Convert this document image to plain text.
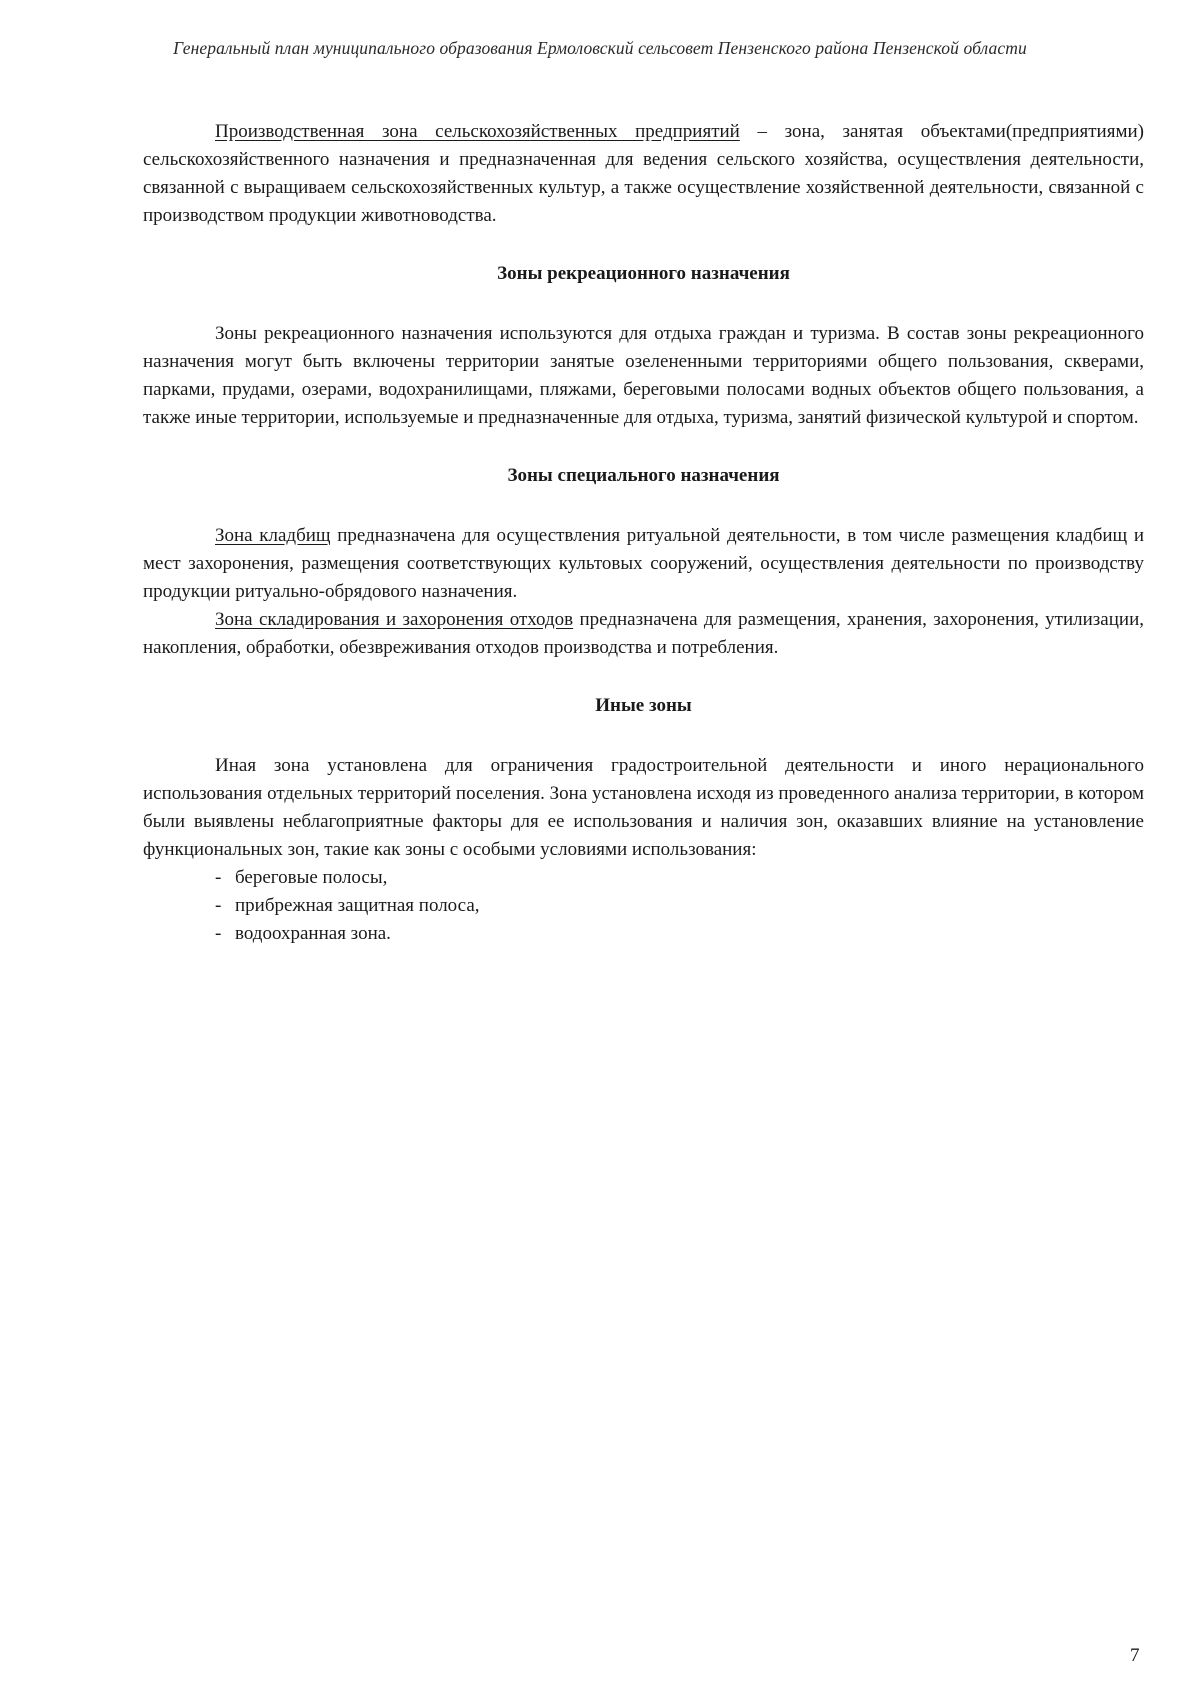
Генеральный план муниципального образования Ермоловский сельсовет Пензенского района Пензенской области

Производственная зона сельскохозяйственных предприятий – зона, занятая объектами(предприятиями) сельскохозяйственного назначения и предназначенная для ведения сельского хозяйства, осуществления деятельности, связанной с выращиваем сельскохозяйственных культур, а также осуществление хозяйственной деятельности, связанной с производством продукции животноводства.

Зоны рекреационного назначения

Зоны рекреационного назначения используются для отдыха граждан и туризма. В состав зоны рекреационного назначения могут быть включены территории занятые озелененными территориями общего пользования, скверами, парками, прудами, озерами, водохранилищами, пляжами, береговыми полосами водных объектов общего пользования, а также иные территории, используемые и предназначенные для отдыха, туризма, занятий физической культурой и спортом.

Зоны специального назначения

Зона кладбищ предназначена для осуществления ритуальной деятельности, в том числе размещения кладбищ и мест захоронения, размещения соответствующих культовых сооружений, осуществления деятельности по производству продукции ритуально-обрядового назначения.

Зона складирования и захоронения отходов предназначена для размещения, хранения, захоронения, утилизации, накопления, обработки, обезвреживания отходов производства и потребления.

Иные зоны

Иная зона установлена для ограничения градостроительной деятельности и иного нерационального использования отдельных территорий поселения. Зона установлена исходя из проведенного анализа территории, в котором были выявлены неблагоприятные факторы для ее использования и наличия зон, оказавших влияние на установление функциональных зон, такие как зоны с особыми условиями использования:

- береговые полосы,
- прибрежная защитная полоса,
- водоохранная зона.
7
